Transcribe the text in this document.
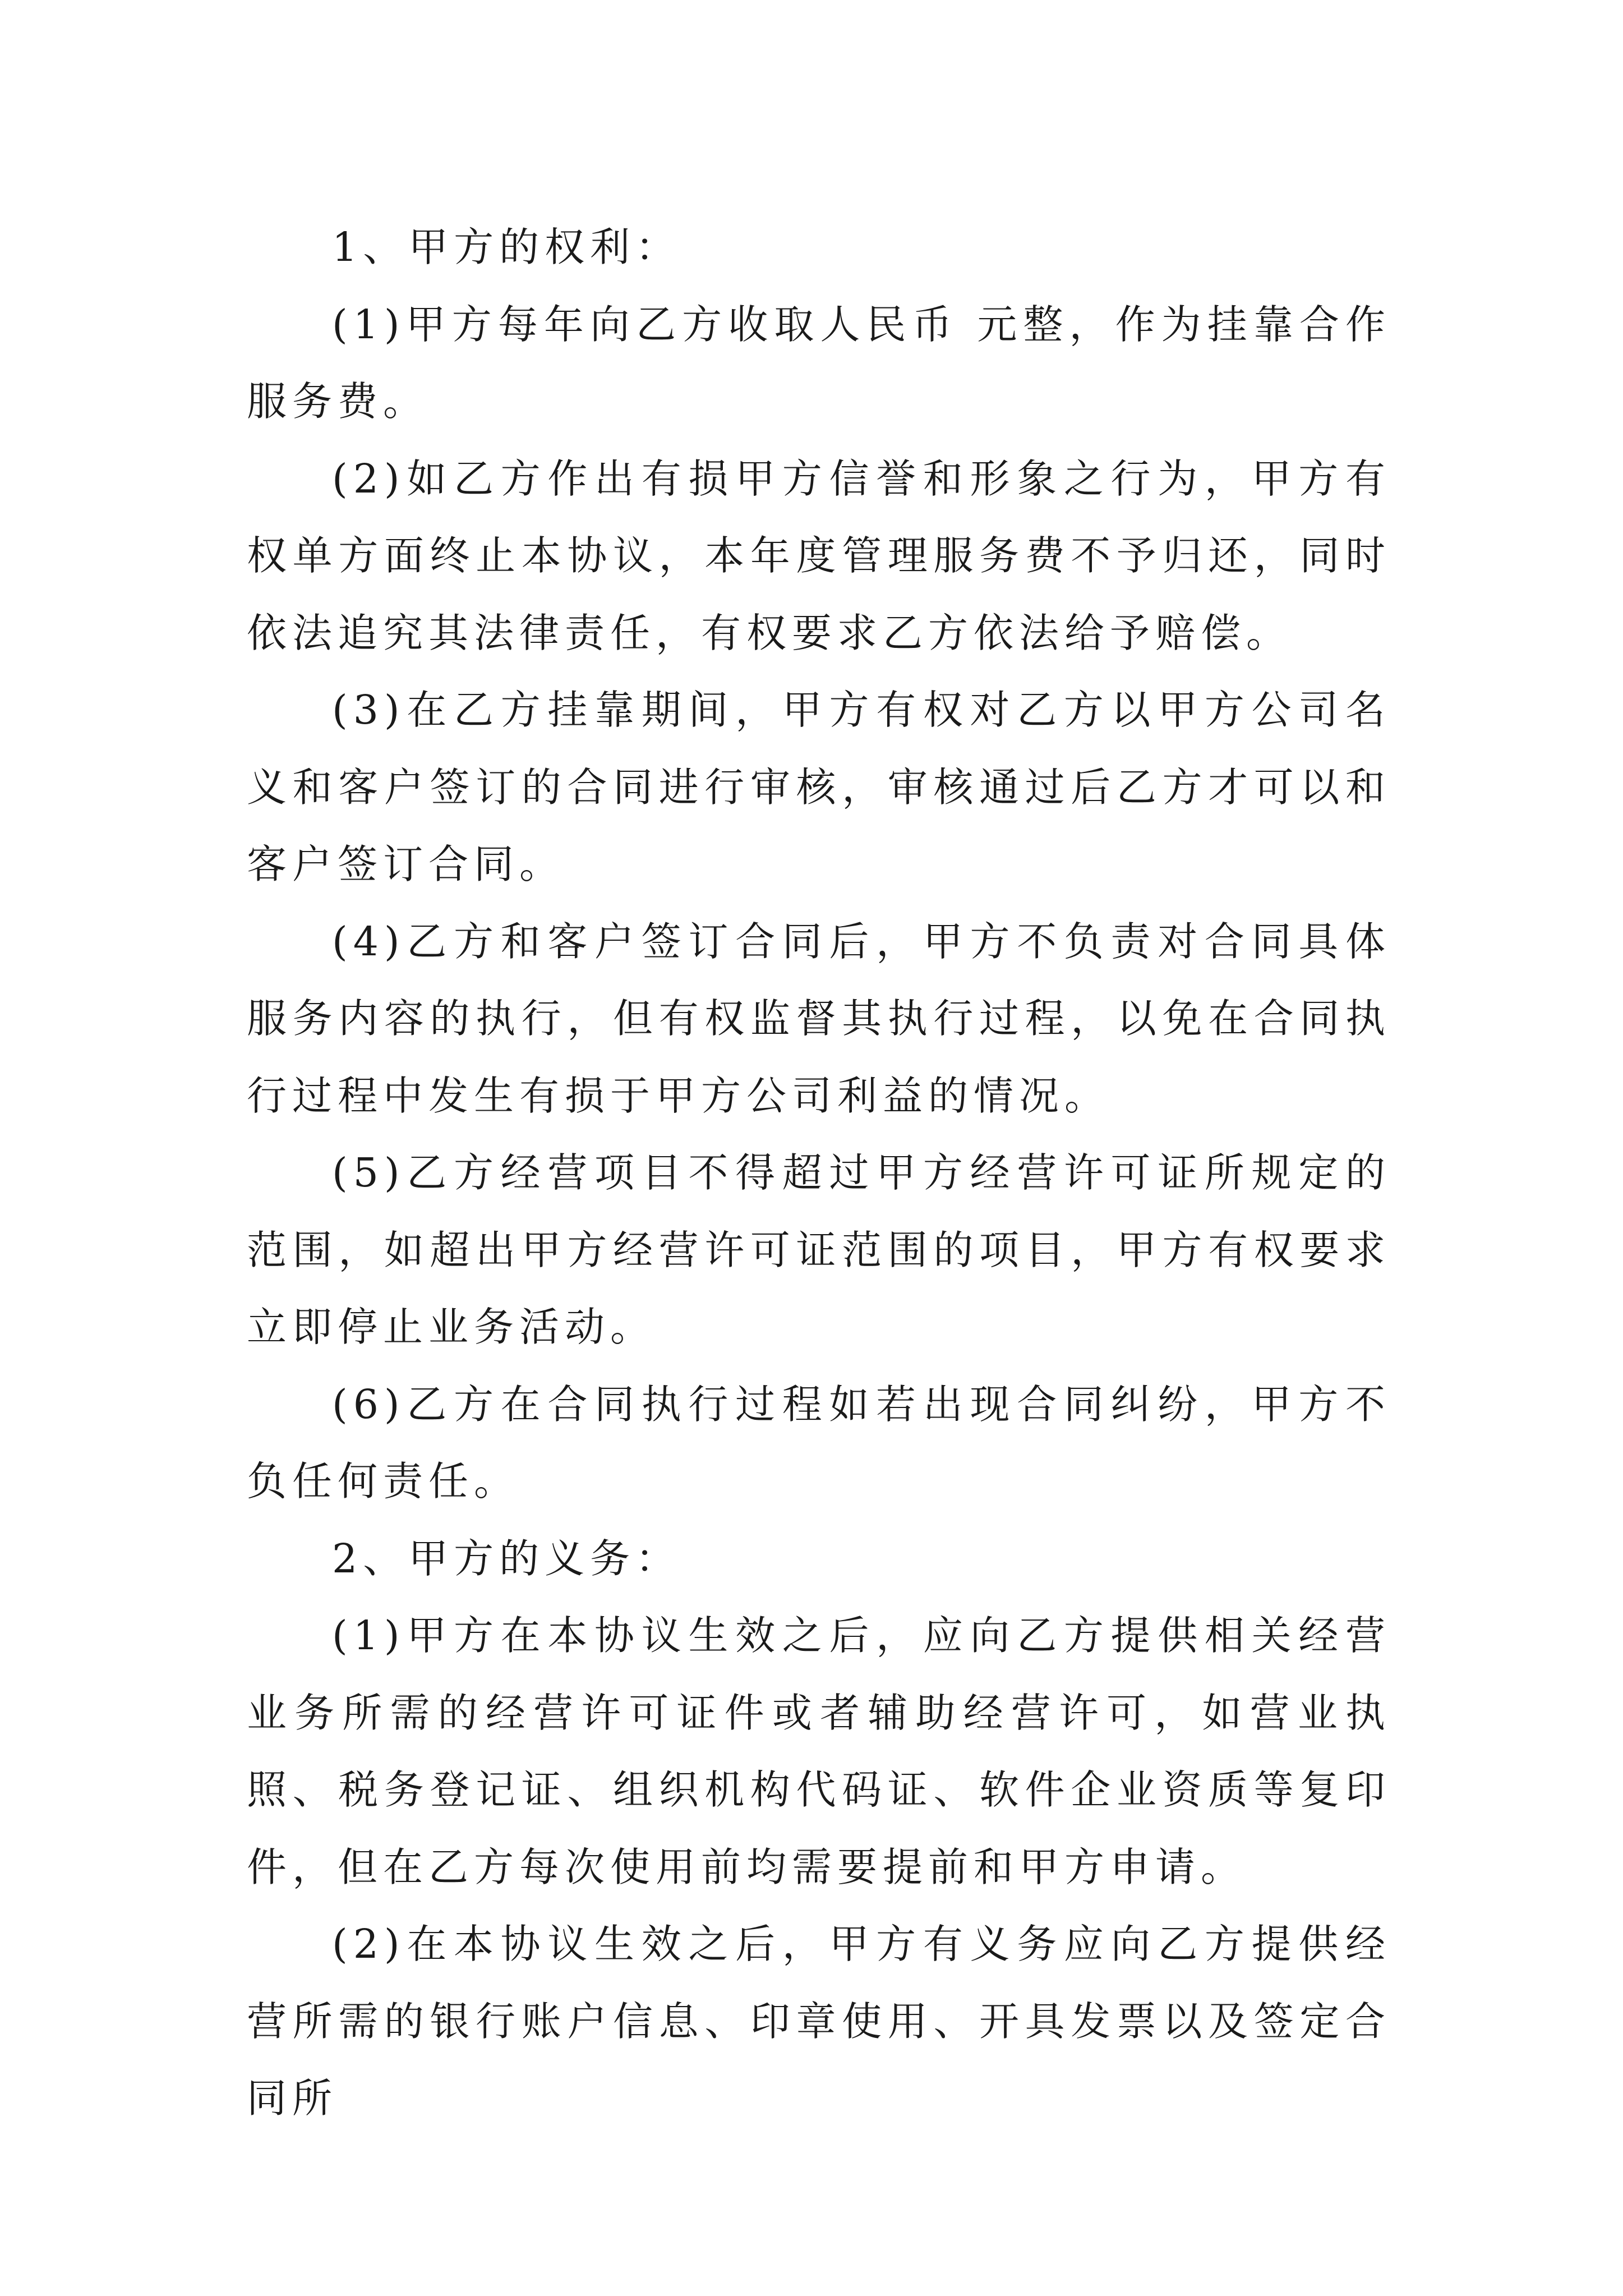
1、甲方的权利：

(1)甲方每年向乙方收取人民币 元整，作为挂靠合作服务费。

(2)如乙方作出有损甲方信誉和形象之行为，甲方有权单方面终止本协议，本年度管理服务费不予归还，同时依法追究其法律责任，有权要求乙方依法给予赔偿。

(3)在乙方挂靠期间，甲方有权对乙方以甲方公司名义和客户签订的合同进行审核，审核通过后乙方才可以和客户签订合同。

(4)乙方和客户签订合同后，甲方不负责对合同具体服务内容的执行，但有权监督其执行过程，以免在合同执行过程中发生有损于甲方公司利益的情况。

(5)乙方经营项目不得超过甲方经营许可证所规定的范围，如超出甲方经营许可证范围的项目，甲方有权要求立即停止业务活动。

(6)乙方在合同执行过程如若出现合同纠纷，甲方不负任何责任。

2、甲方的义务：

(1)甲方在本协议生效之后，应向乙方提供相关经营业务所需的经营许可证件或者辅助经营许可，如营业执照、税务登记证、组织机构代码证、软件企业资质等复印件，但在乙方每次使用前均需要提前和甲方申请。

(2)在本协议生效之后，甲方有义务应向乙方提供经营所需的银行账户信息、印章使用、开具发票以及签定合同所
